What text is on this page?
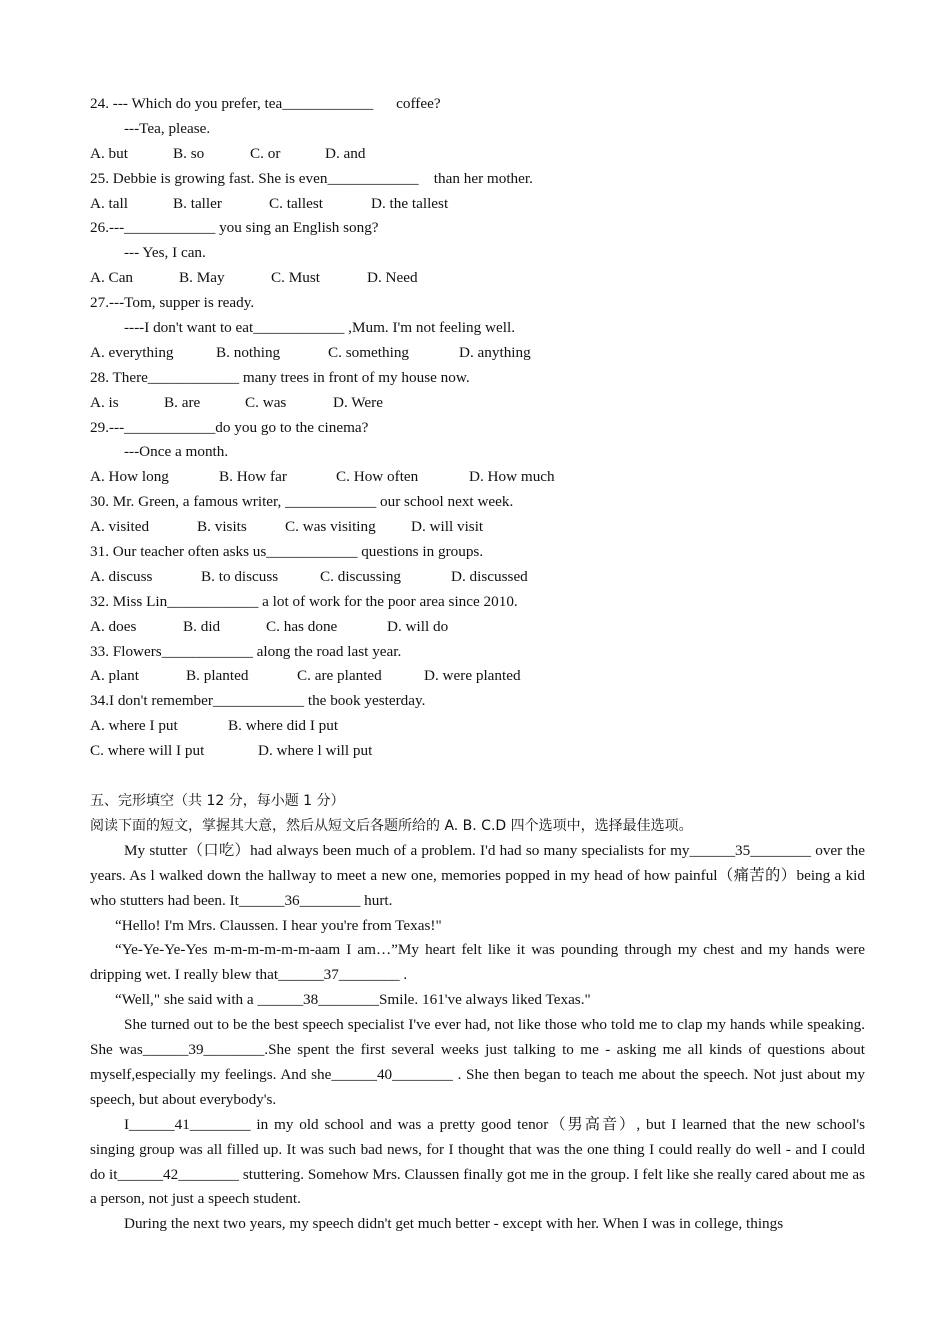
24. --- Which do you prefer, tea____________      coffee?
---Tea, please.
A. but	B. so	C. or	D. and
25. Debbie is growing fast. She is even____________    than her mother.
A. tall	B. taller	C. tallest	D. the tallest
26.---____________ you sing an English song?
--- Yes, I can.
A. Can	B. May	C. Must	D. Need
27.---Tom, supper is ready.
----I don't want to eat____________ ,Mum. I'm not feeling well.
A. everything	B. nothing	C. something	D. anything
28. There____________ many trees in front of my house now.
A. is	B. are	C. was	D. Were
29.---____________do you go to the cinema?
---Once a month.
A. How long	B. How far	C. How often	D. How much
30. Mr. Green, a famous writer, ____________ our school next week.
A. visited	B. visits	C. was visiting D. will visit
31. Our teacher often asks us____________ questions in groups.
A. discuss	B. to discuss	C. discussing	D. discussed
32. Miss Lin____________ a lot of work for the poor area since 2010.
A. does	B. did	C. has done	D. will do
33. Flowers____________ along the road last year.
A. plant	B. planted	C. are planted	D. were planted
34.I don't remember____________ the book yesterday.
A. where I put	B. where did I put
C. where will I put	D. where l will put
五、完形填空（共 12 分，每小题 1 分）
阅读下面的短文，掌握其大意，然后从短文后各题所给的 A. B. C.D 四个选项中，选择最佳选项。
My stutter（口吃）had always been much of a problem. I'd had so many specialists for my______35________ over the years. As l walked down the hallway to meet a new one, memories popped in my head of how painful（痛苦的）being a kid who stutters had been. It______36________ hurt.
“Hello! I'm Mrs. Claussen. I hear you're from Texas!"
“Ye-Ye-Ye-Yes m-m-m-m-m-m-aam I am…”My heart felt like it was pounding through my chest and my hands were dripping wet. I really blew that______37________ .
“Well," she said with a ______38________Smile. 161've always liked Texas."
She turned out to be the best speech specialist I've ever had, not like those who told me to clap my hands while speaking. She was______39________.She spent the first several weeks just talking to me - asking me all kinds of questions about myself,especially my feelings. And she______40________ . She then began to teach me about the speech. Not just about my speech, but about everybody's.
I______41________ in my old school and was a pretty good tenor（男高音）, but I learned that the new school's singing group was all filled up. It was such bad news, for I thought that was the one thing I could really do well - and I could do it______42________ stuttering. Somehow Mrs. Claussen finally got me in the group. I felt like she really cared about me as a person, not just a speech student.
During the next two years, my speech didn't get much better - except with her. When I was in college, things
